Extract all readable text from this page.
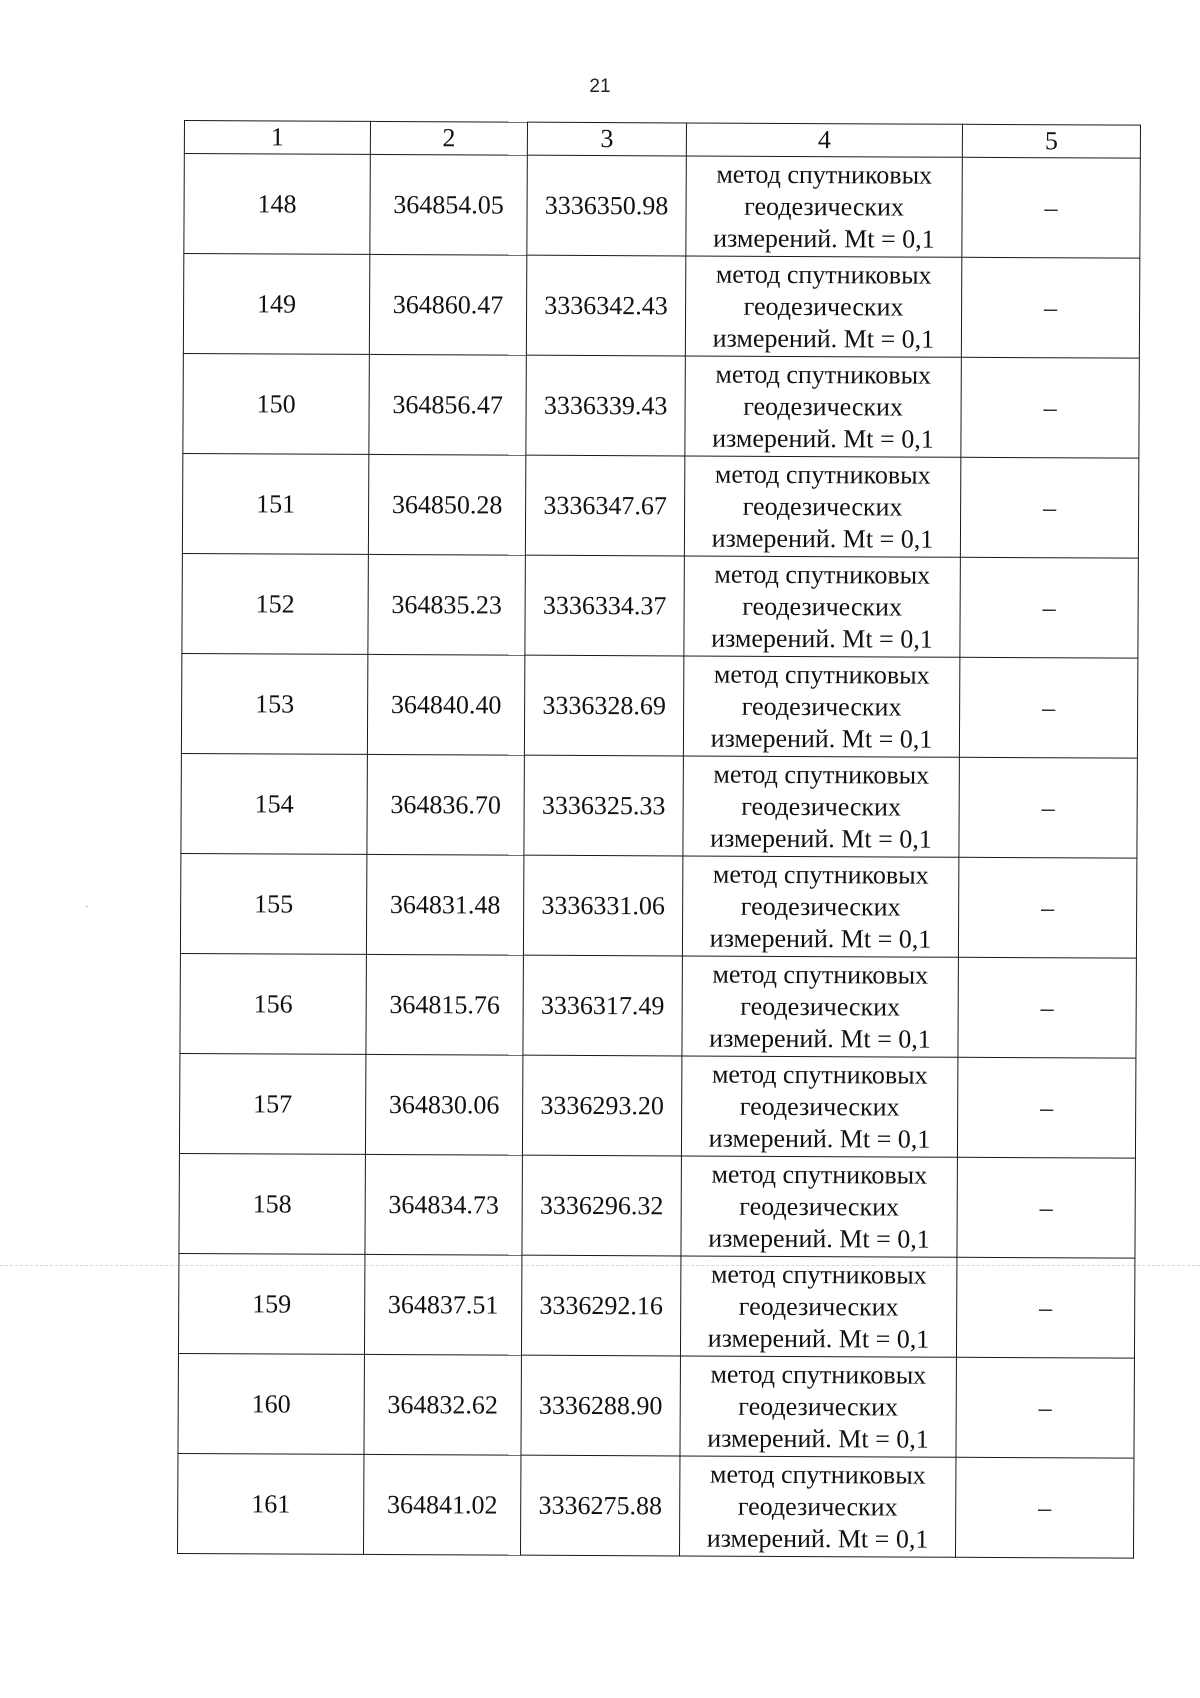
21
1	2	3	4	5
148	364854.05	3336350.98	метод спутниковых геодезических измерений. Mt = 0,1	–
149	364860.47	3336342.43	метод спутниковых геодезических измерений. Mt = 0,1	–
150	364856.47	3336339.43	метод спутниковых геодезических измерений. Mt = 0,1	–
151	364850.28	3336347.67	метод спутниковых геодезических измерений. Mt = 0,1	–
152	364835.23	3336334.37	метод спутниковых геодезических измерений. Mt = 0,1	–
153	364840.40	3336328.69	метод спутниковых геодезических измерений. Mt = 0,1	–
154	364836.70	3336325.33	метод спутниковых геодезических измерений. Mt = 0,1	–
155	364831.48	3336331.06	метод спутниковых геодезических измерений. Mt = 0,1	–
156	364815.76	3336317.49	метод спутниковых геодезических измерений. Mt = 0,1	–
157	364830.06	3336293.20	метод спутниковых геодезических измерений. Mt = 0,1	–
158	364834.73	3336296.32	метод спутниковых геодезических измерений. Mt = 0,1	–
159	364837.51	3336292.16	метод спутниковых геодезических измерений. Mt = 0,1	–
160	364832.62	3336288.90	метод спутниковых геодезических измерений. Mt = 0,1	–
161	364841.02	3336275.88	метод спутниковых геодезических измерений. Mt = 0,1	–
